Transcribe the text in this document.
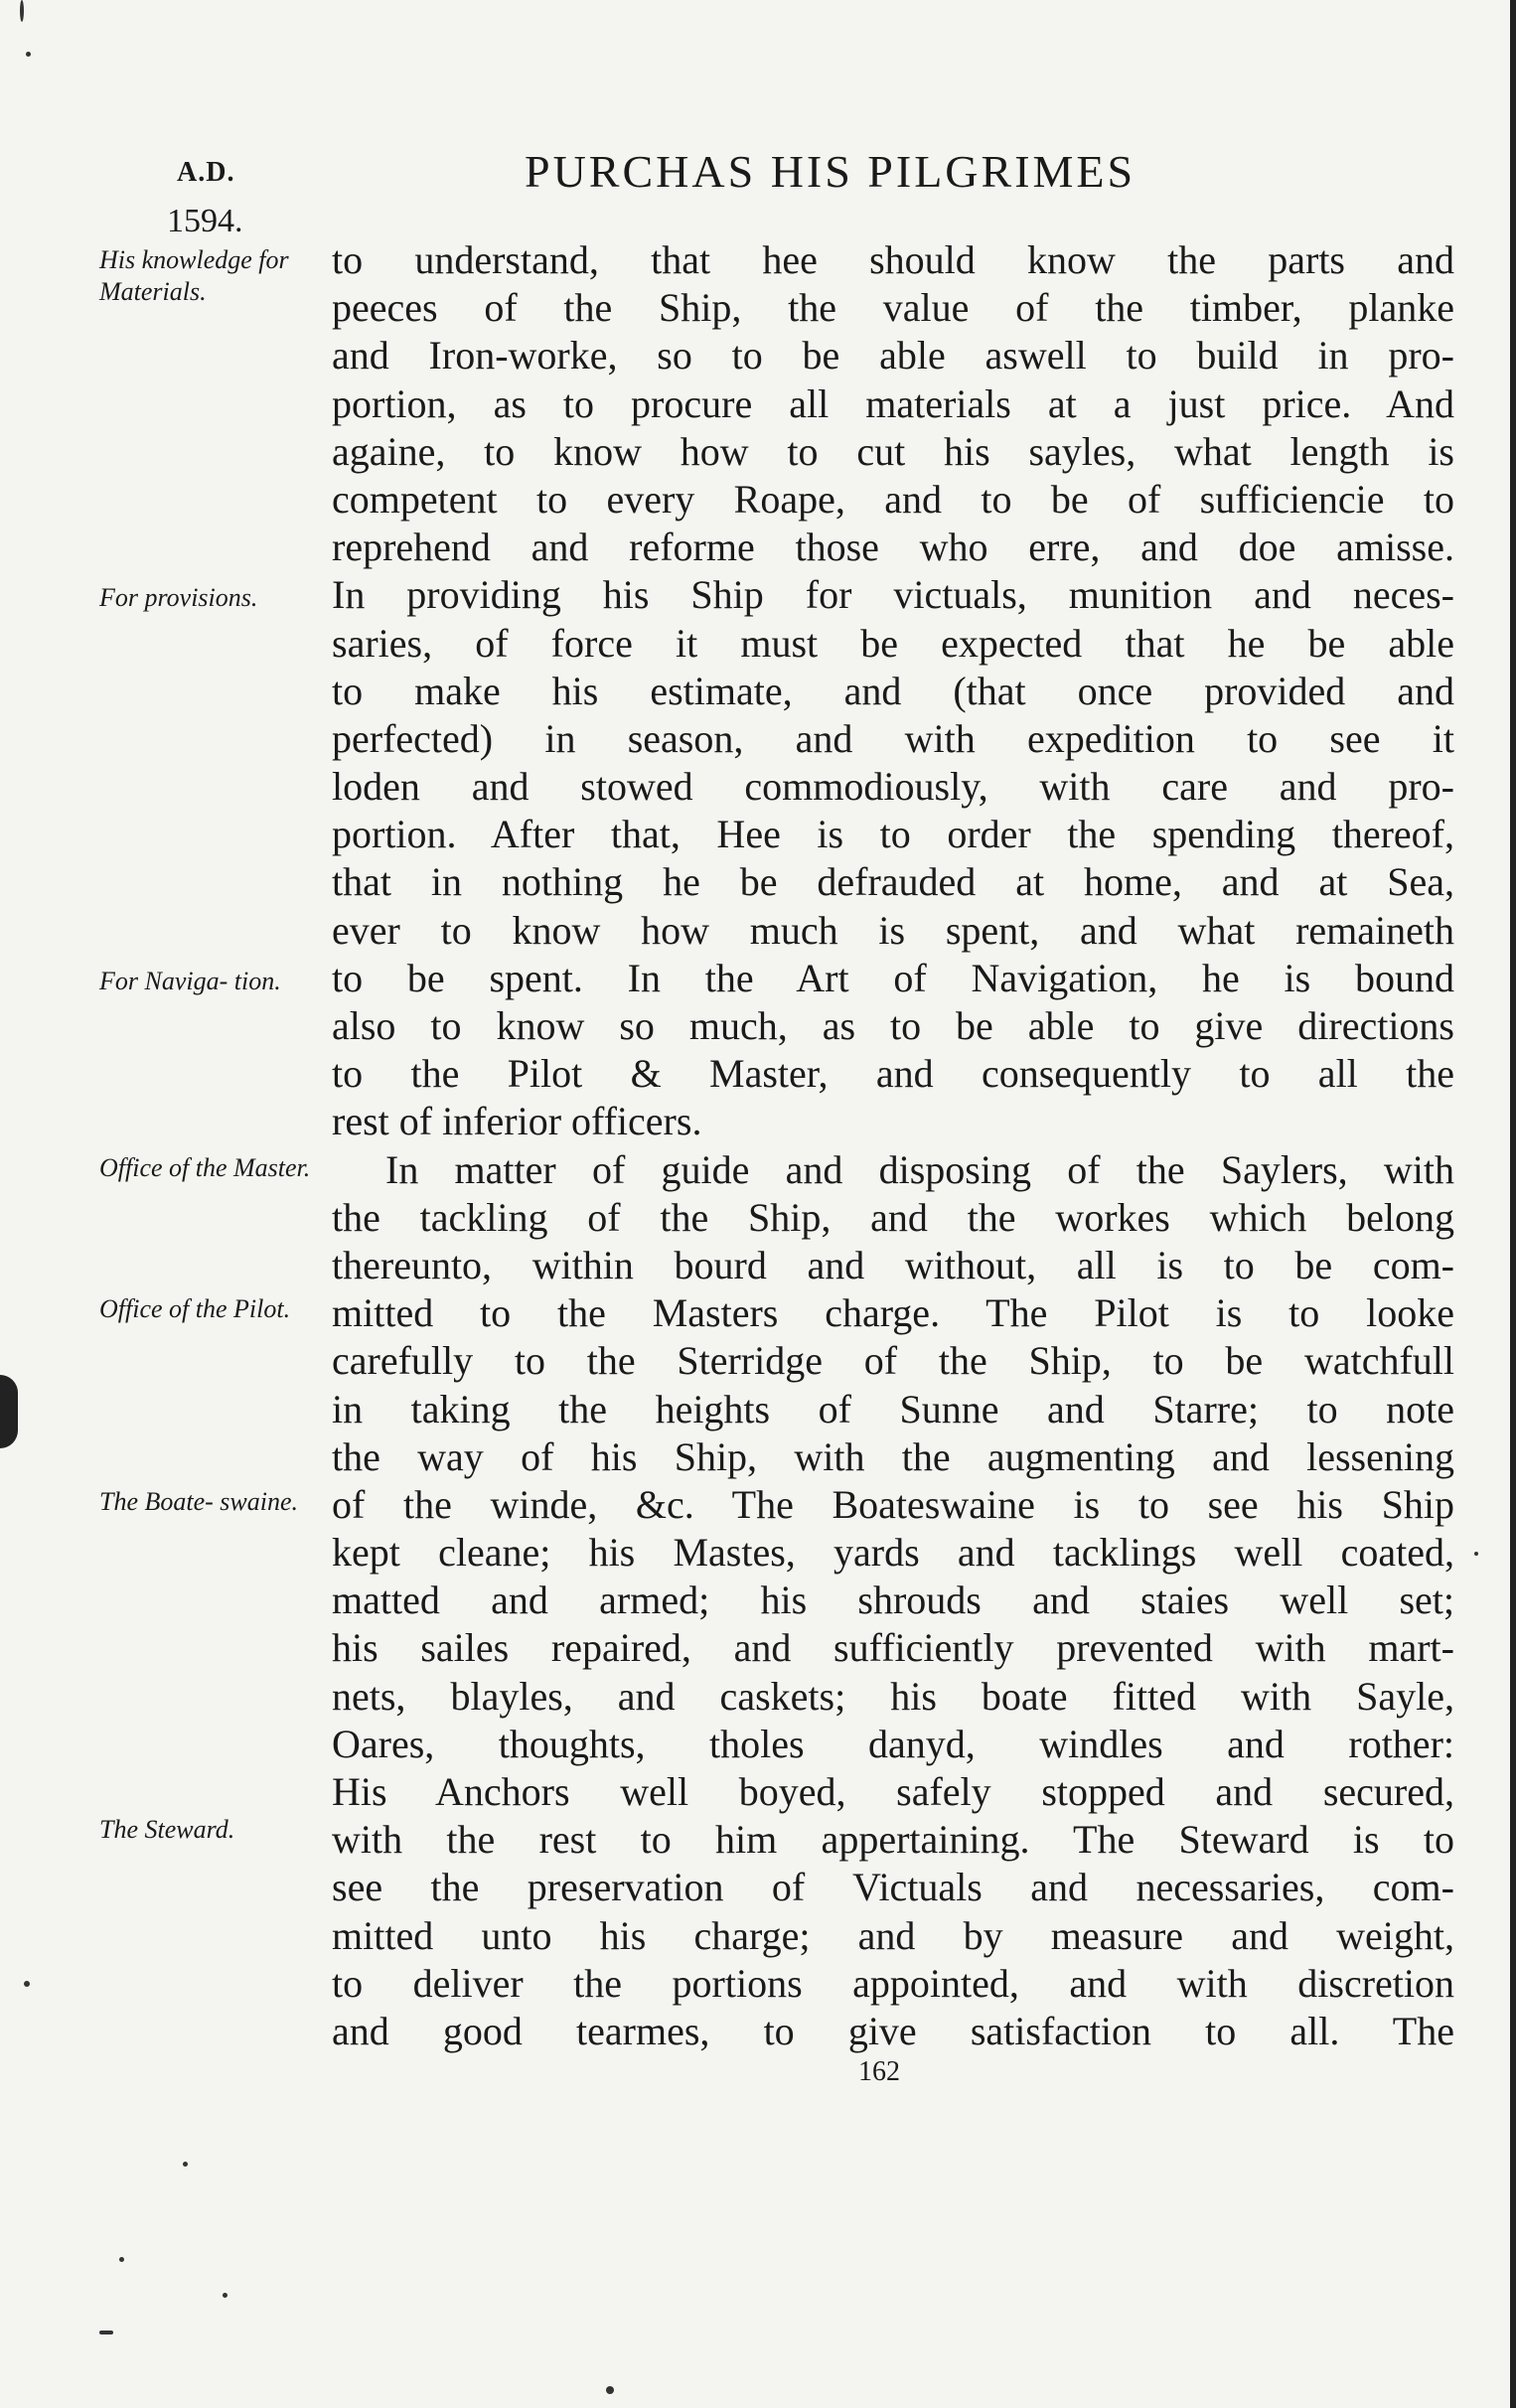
A.D.	PURCHAS HIS PILGRIMES
1594.
His knowledge for Materials.
For provisions.
For Naviga- tion.
Office of the Master.
Office of the Pilot.
The Boate- swaine.
The Steward.
to understand, that hee should know the parts and
peeces of the Ship, the value of the timber, planke
and Iron-worke, so to be able aswell to build in pro-
portion, as to procure all materials at a just price. And
againe, to know how to cut his sayles, what length is
competent to every Roape, and to be of sufficiencie to
reprehend and reforme those who erre, and doe amisse.
In providing his Ship for victuals, munition and neces-
saries, of force it must be expected that he be able
to make his estimate, and (that once provided and
perfected) in season, and with expedition to see it
loden and stowed commodiously, with care and pro-
portion. After that, Hee is to order the spending thereof,
that in nothing he be defrauded at home, and at Sea,
ever to know how much is spent, and what remaineth
to be spent. In the Art of Navigation, he is bound
also to know so much, as to be able to give directions
to the Pilot & Master, and consequently to all the
rest of inferior officers.
In matter of guide and disposing of the Saylers, with
the tackling of the Ship, and the workes which belong
thereunto, within bourd and without, all is to be com-
mitted to the Masters charge. The Pilot is to looke
carefully to the Sterridge of the Ship, to be watchfull
in taking the heights of Sunne and Starre; to note
the way of his Ship, with the augmenting and lessening
of the winde, &c. The Boateswaine is to see his Ship
kept cleane; his Mastes, yards and tacklings well coated,
matted and armed; his shrouds and staies well set;
his sailes repaired, and sufficiently prevented with mart-
nets, blayles, and caskets; his boate fitted with Sayle,
Oares, thoughts, tholes danyd, windles and rother:
His Anchors well boyed, safely stopped and secured,
with the rest to him appertaining. The Steward is to
see the preservation of Victuals and necessaries, com-
mitted unto his charge; and by measure and weight,
to deliver the portions appointed, and with discretion
and good tearmes, to give satisfaction to all. The
162
